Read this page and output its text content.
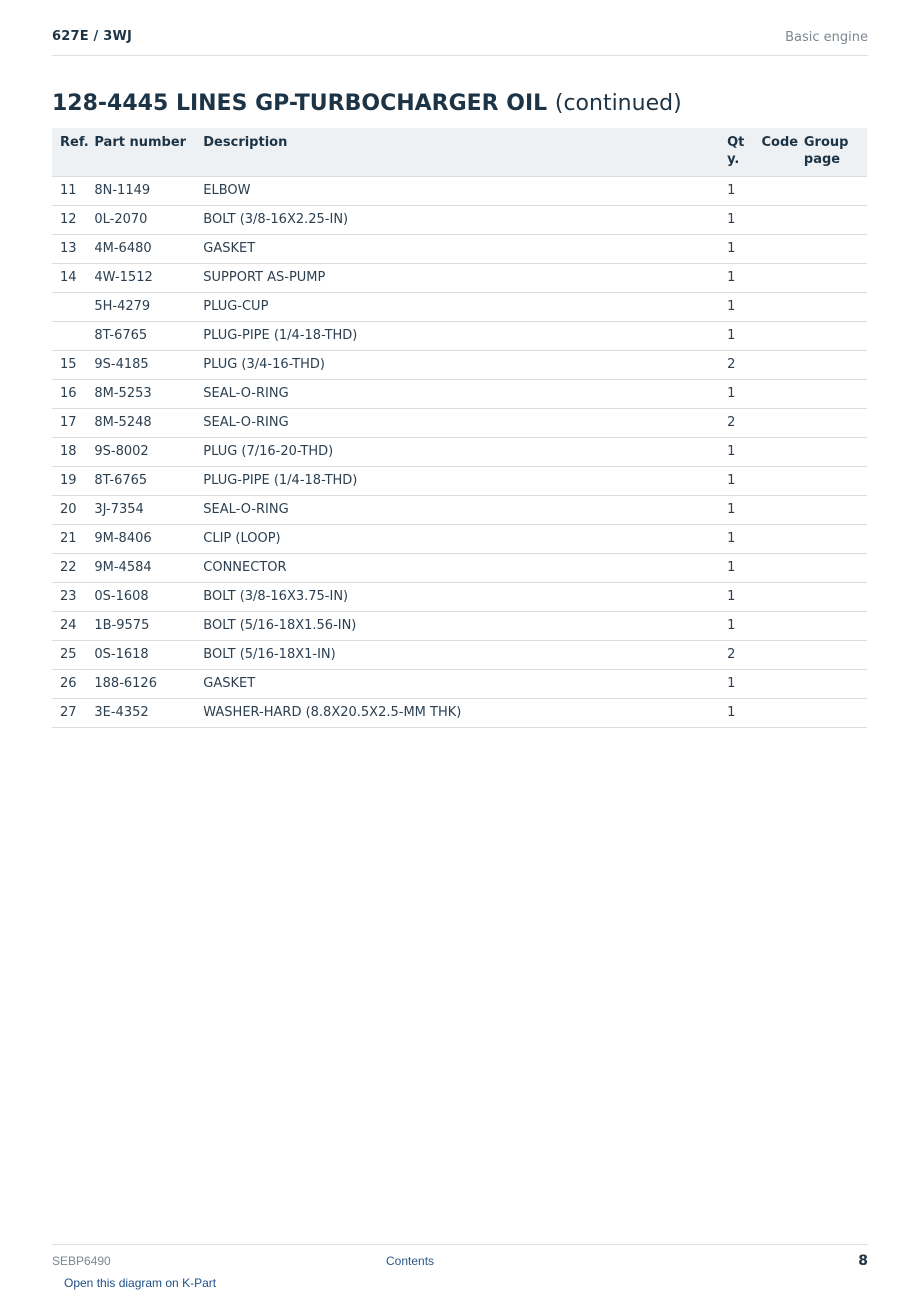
627E / 3WJ	Basic engine
128-4445 LINES GP-TURBOCHARGER OIL (continued)
Ref.	Part number	Description	Qty.	Code	Group page
11	8N-1149	ELBOW	1		
12	0L-2070	BOLT (3/8-16X2.25-IN)	1		
13	4M-6480	GASKET	1		
14	4W-1512	SUPPORT AS-PUMP	1		
	5H-4279	PLUG-CUP	1		
	8T-6765	PLUG-PIPE (1/4-18-THD)	1		
15	9S-4185	PLUG (3/4-16-THD)	2		
16	8M-5253	SEAL-O-RING	1		
17	8M-5248	SEAL-O-RING	2		
18	9S-8002	PLUG (7/16-20-THD)	1		
19	8T-6765	PLUG-PIPE (1/4-18-THD)	1		
20	3J-7354	SEAL-O-RING	1		
21	9M-8406	CLIP (LOOP)	1		
22	9M-4584	CONNECTOR	1		
23	0S-1608	BOLT (3/8-16X3.75-IN)	1		
24	1B-9575	BOLT (5/16-18X1.56-IN)	1		
25	0S-1618	BOLT (5/16-18X1-IN)	2		
26	188-6126	GASKET	1		
27	3E-4352	WASHER-HARD (8.8X20.5X2.5-MM THK)	1		
SEBP6490	Contents	8
Open this diagram on K-Part
